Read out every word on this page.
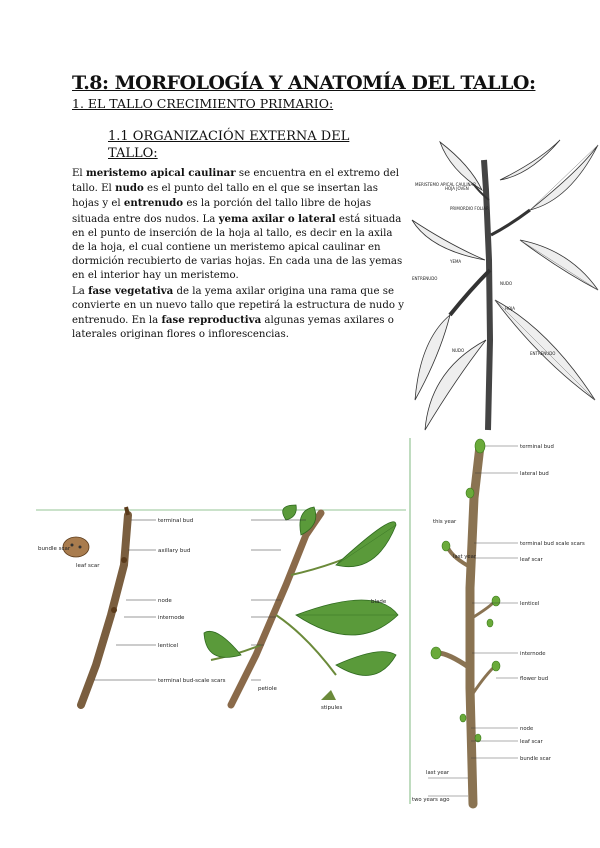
T.8: MORFOLOGÍA Y ANATOMÍA DEL TALLO:
1. EL TALLO CRECIMIENTO PRIMARIO:
1.1 ORGANIZACIÓN EXTERNA DEL TALLO:
El meristemo apical caulinar se encuentra en el extremo del tallo. El nudo es el punto del tallo en el que se insertan las hojas y el entrenudo es la porción del tallo libre de hojas situada entre dos nudos. La yema axilar o lateral está situada en el punto de inserción de la hoja al tallo, es decir en la axila de la hoja, el cual contiene un meristemo apical caulinar en dormición recubierto de varias hojas. En cada una de las yemas en el interior hay un meristemo.
La fase vegetativa de la yema axilar origina una rama que se convierte en un nuevo tallo que repetirá la estructura de nudo y entrenudo. En la fase reproductiva algunas yemas axilares o laterales originan flores o inflorescencias.
MERISTEMO APICAL CAULINAR
YEMA
ENTRENUDO
NUDO
NUDO
HOJA JOVEN
PRIMORDIO FOLIAR
HOJA
ENTRENUDO
terminal bud
axillary bud
node
internode
lenticel
terminal bud-scale scars
bundle scar
leaf scar
petiole
blade
stipules
terminal bud
lateral bud
this year
last year
terminal bud scale scars
leaf scar
lenticel
internode
flower bud
node
leaf scar
bundle scar
last year
two years ago
